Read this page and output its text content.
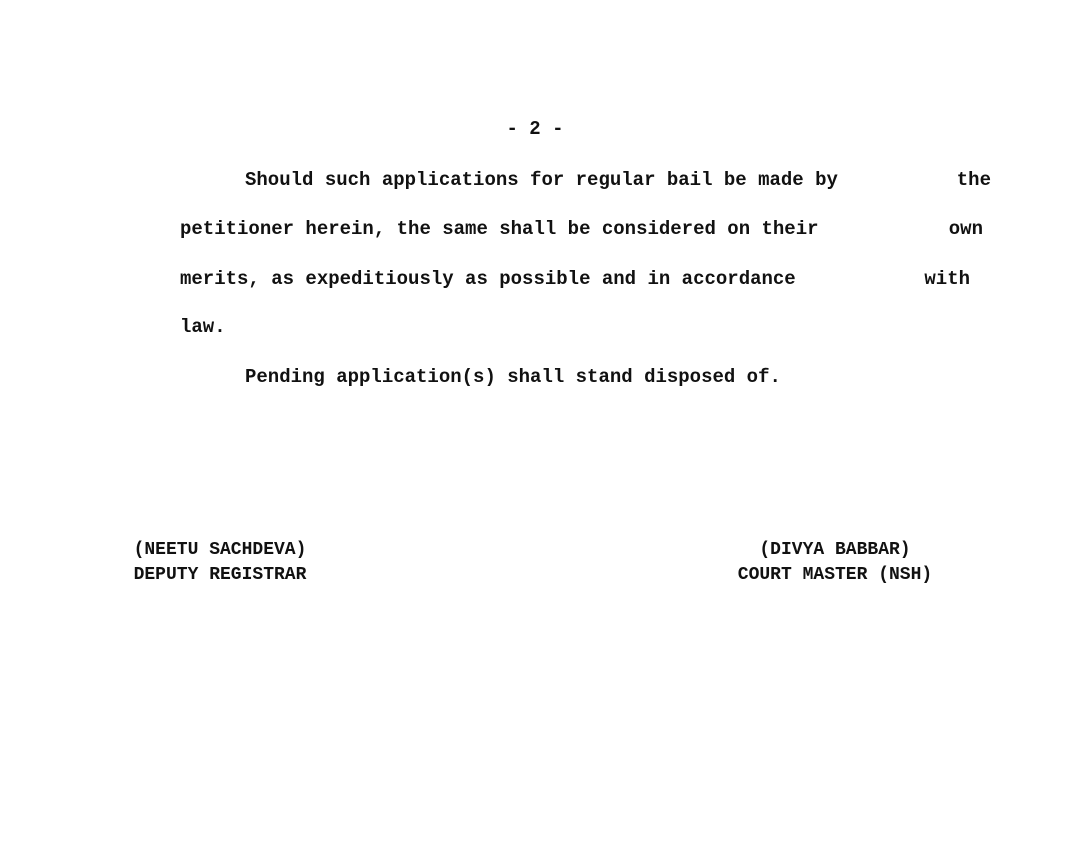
- 2 -
Should such applications for regular bail be made by	the
petitioner herein, the same shall be considered on their	own
merits, as expeditiously as possible and in accordance	with
law.
Pending application(s) shall stand disposed of.
(NEETU SACHDEVA)
DEPUTY REGISTRAR
(DIVYA BABBAR)
COURT MASTER (NSH)
